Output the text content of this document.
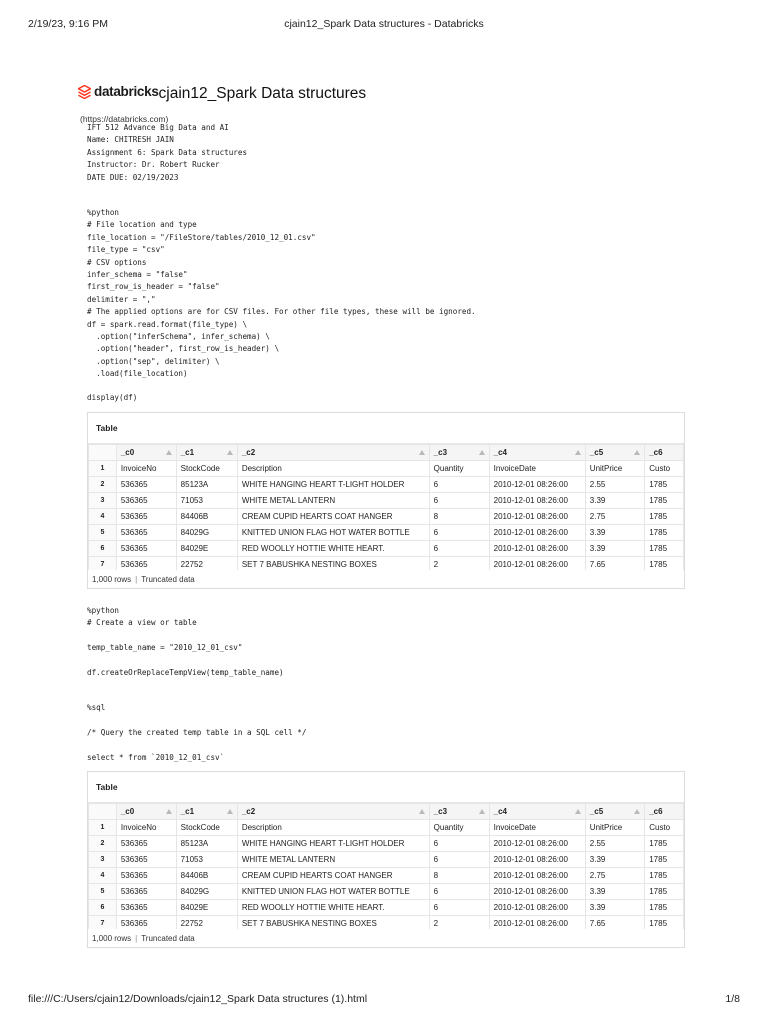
2/19/23, 9:16 PM	cjain12_Spark Data structures - Databricks
databricks cjain12_Spark Data structures
(https://databricks.com)
IFT 512 Advance Big Data and AI
Name: CHITRESH JAIN
Assignment 6: Spark Data structures
Instructor: Dr. Robert Rucker
DATE DUE: 02/19/2023
%python
# File location and type
file_location = "/FileStore/tables/2010_12_01.csv"
file_type = "csv"
# CSV options
infer_schema = "false"
first_row_is_header = "false"
delimiter = ","
# The applied options are for CSV files. For other file types, these will be ignored.
df = spark.read.format(file_type) \
.option("inferSchema", infer_schema) \
.option("header", first_row_is_header) \
.option("sep", delimiter) \
.load(file_location)
display(df)
Table
	_c0	_c1	_c2	_c3	_c4	_c5	_c6
1	InvoiceNo	StockCode	Description	Quantity	InvoiceDate	UnitPrice	Custo
2	536365	85123A	WHITE HANGING HEART T-LIGHT HOLDER	6	2010-12-01 08:26:00	2.55	1785
3	536365	71053	WHITE METAL LANTERN	6	2010-12-01 08:26:00	3.39	1785
4	536365	84406B	CREAM CUPID HEARTS COAT HANGER	8	2010-12-01 08:26:00	2.75	1785
5	536365	84029G	KNITTED UNION FLAG HOT WATER BOTTLE	6	2010-12-01 08:26:00	3.39	1785
6	536365	84029E	RED WOOLLY HOTTIE WHITE HEART.	6	2010-12-01 08:26:00	3.39	1785
7	536365	22752	SET 7 BABUSHKA NESTING BOXES	2	2010-12-01 08:26:00	7.65	1785
1,000 rows | Truncated data
%python
# Create a view or table

temp_table_name = "2010_12_01_csv"

df.createOrReplaceTempView(temp_table_name)
%sql

/* Query the created temp table in a SQL cell */

select * from `2010_12_01_csv`
Table
	_c0	_c1	_c2	_c3	_c4	_c5	_c6
1	InvoiceNo	StockCode	Description	Quantity	InvoiceDate	UnitPrice	Custo
2	536365	85123A	WHITE HANGING HEART T-LIGHT HOLDER	6	2010-12-01 08:26:00	2.55	1785
3	536365	71053	WHITE METAL LANTERN	6	2010-12-01 08:26:00	3.39	1785
4	536365	84406B	CREAM CUPID HEARTS COAT HANGER	8	2010-12-01 08:26:00	2.75	1785
5	536365	84029G	KNITTED UNION FLAG HOT WATER BOTTLE	6	2010-12-01 08:26:00	3.39	1785
6	536365	84029E	RED WOOLLY HOTTIE WHITE HEART.	6	2010-12-01 08:26:00	3.39	1785
7	536365	22752	SET 7 BABUSHKA NESTING BOXES	2	2010-12-01 08:26:00	7.65	1785
1,000 rows | Truncated data
file:///C:/Users/cjain12/Downloads/cjain12_Spark Data structures (1).html	1/8
